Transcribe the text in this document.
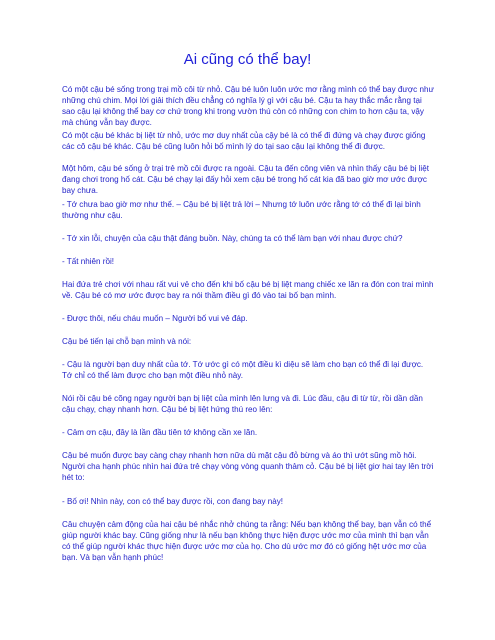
Ai cũng có thể bay!

Có một cậu bé sống trong trại mồ côi từ nhỏ. Cậu bé luôn luôn ước mơ rằng mình có thể bay được như những chú chim. Mọi lời giải thích đều chẳng có nghĩa lý gì với cậu bé. Cậu ta hay thắc mắc rằng tại sao cậu lại không thể bay cơ chứ trong khi trong vườn thú còn có những con chim to hơn cậu ta, vậy mà chúng vẫn bay được.

Có một cậu bé khác bị liệt từ nhỏ, ước mơ duy nhất của cậy bé là có thể đi đứng và chạy được giống các cô cậu bé khác. Cậu bé cũng luôn hỏi bố mình lý do tại sao cậu lại không thể đi được.

Một hôm, cậu bé sống ở trại trẻ mồ côi được ra ngoài. Cậu ta đến công viên và nhìn thấy cậu bé bị liệt đang chơi trong hố cát. Cậu bé chạy lại đấy hỏi xem cậu bé trong hố cát kia đã bao giờ mơ ước được bay chưa.

- Tớ chưa bao giờ mơ như thế. – Cậu bé bị liệt trả lời – Nhưng tớ luôn ước rằng tớ có thể đi lại bình thường như cậu.

- Tớ xin lỗi, chuyện của cậu thật đáng buồn. Này, chúng ta có thể làm bạn với nhau được chứ?

- Tất nhiên rồi!

Hai đứa trẻ chơi với nhau rất vui vẻ cho đến khi bố cậu bé bị liệt mang chiếc xe lăn ra đón con trai mình về. Cậu bé có mơ ước được bay ra nói thầm điều gì đó vào tai bố bạn mình.

- Được thôi, nếu cháu muốn – Người bố vui vẻ đáp.

Cậu bé tiến lại chỗ bạn mình và nói:

- Cậu là người bạn duy nhất của tớ. Tớ ước gì có một điều kì diệu sẽ làm cho bạn có thể đi lại được. Tớ chỉ có thể làm được cho bạn một điều nhỏ này.

Nói rồi cậu bé cõng ngay người bạn bị liệt của mình lên lưng và đi. Lúc đầu, cậu đi từ từ, rồi dần dần cậu chạy, chạy nhanh hơn. Cậu bé bị liệt hứng thú reo lên:

- Cảm ơn cậu, đây là lần đầu tiên tớ không cần xe lăn.

Cậu bé muốn được bay càng chạy nhanh hơn nữa dù mặt cậu đỏ bừng và áo thì ướt sũng mồ hôi. Người cha hạnh phúc nhìn hai đứa trẻ chạy vòng vòng quanh thảm cỏ. Cậu bé bị liệt giơ hai tay lên trời hét to:

- Bố ơi! Nhìn này, con có thể bay được rồi, con đang bay này!

Câu chuyện cảm động của hai cậu bé nhắc nhở chúng ta rằng: Nếu bạn không thể bay, bạn vẫn có thể giúp người khác bay. Cũng giống như là nếu bạn không thực hiện được ước mơ của mình thì bạn vẫn có thể giúp người khác thực hiện được ước mơ của họ. Cho dù ước mơ đó có giống hệt ước mơ của bạn. Và bạn vẫn hạnh phúc!
